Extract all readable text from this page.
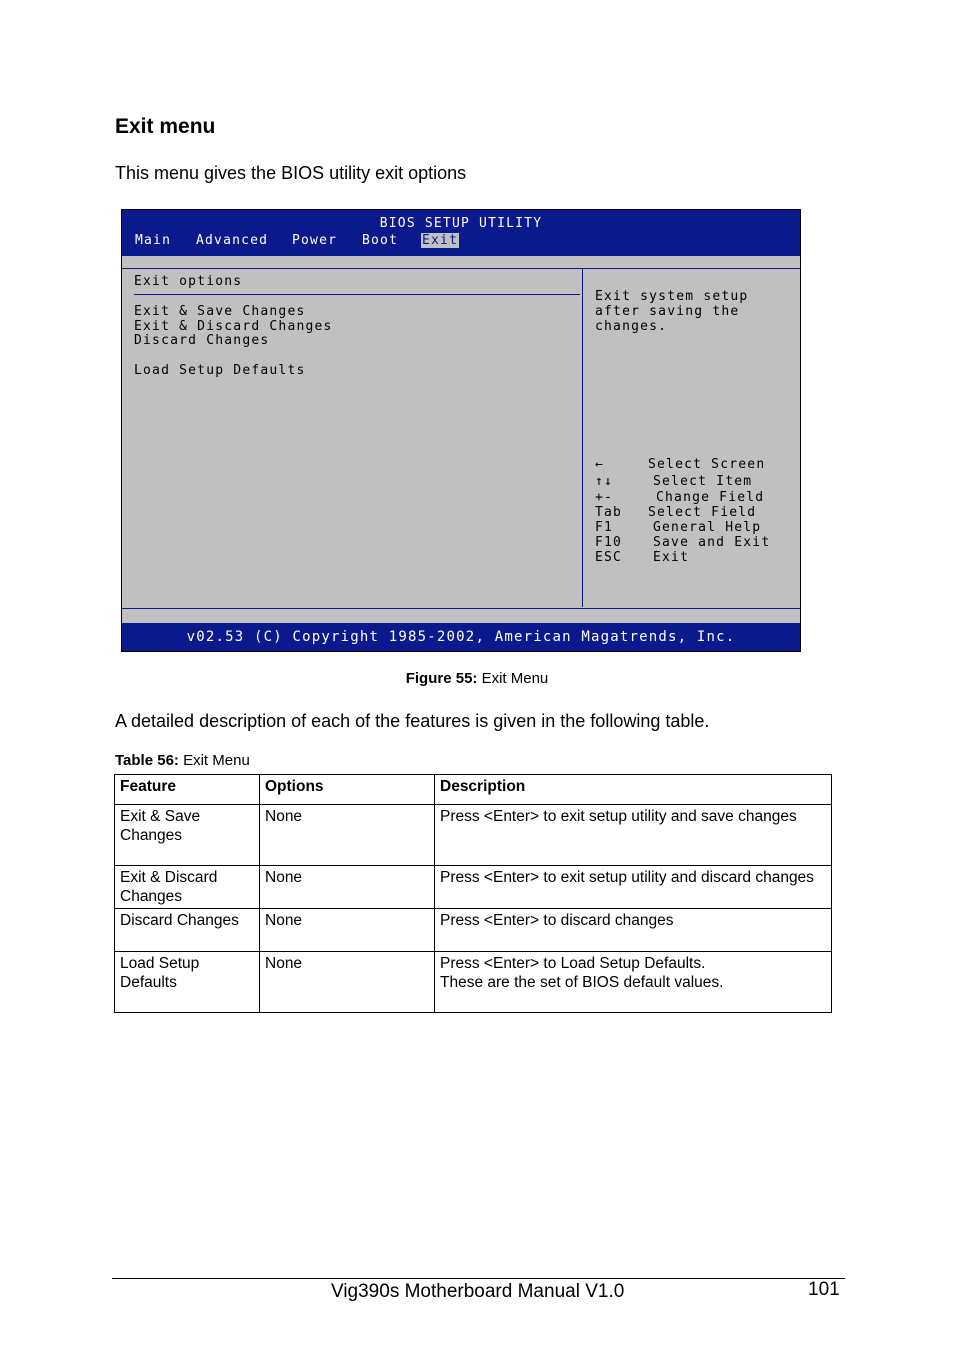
Exit menu
This menu gives the BIOS utility exit options
BIOS SETUP UTILITY
Main Advanced Power Boot Exit
Exit options
Exit & Save Changes
Exit & Discard Changes
Discard Changes
Load Setup Defaults
Exit system setup
after saving the
changes.
←	Select Screen
↑↓	Select Item
+-	Change Field
Tab Select Field
F1	General Help
F10 Save and Exit
ESC Exit
v02.53 (C) Copyright 1985-2002, American Magatrends, Inc.
Figure 55: Exit Menu
A detailed description of each of the features is given in the following table.
Table 56: Exit Menu
Feature	Options	Description
Exit & Save Changes	None	Press <Enter> to exit setup utility and save changes
Exit & Discard Changes	None	Press <Enter> to exit setup utility and discard changes
Discard Changes	None	Press <Enter> to discard changes
Load Setup Defaults	None	Press <Enter> to Load Setup Defaults.
These are the set of BIOS default values.
Vig390s Motherboard Manual V1.0	101
